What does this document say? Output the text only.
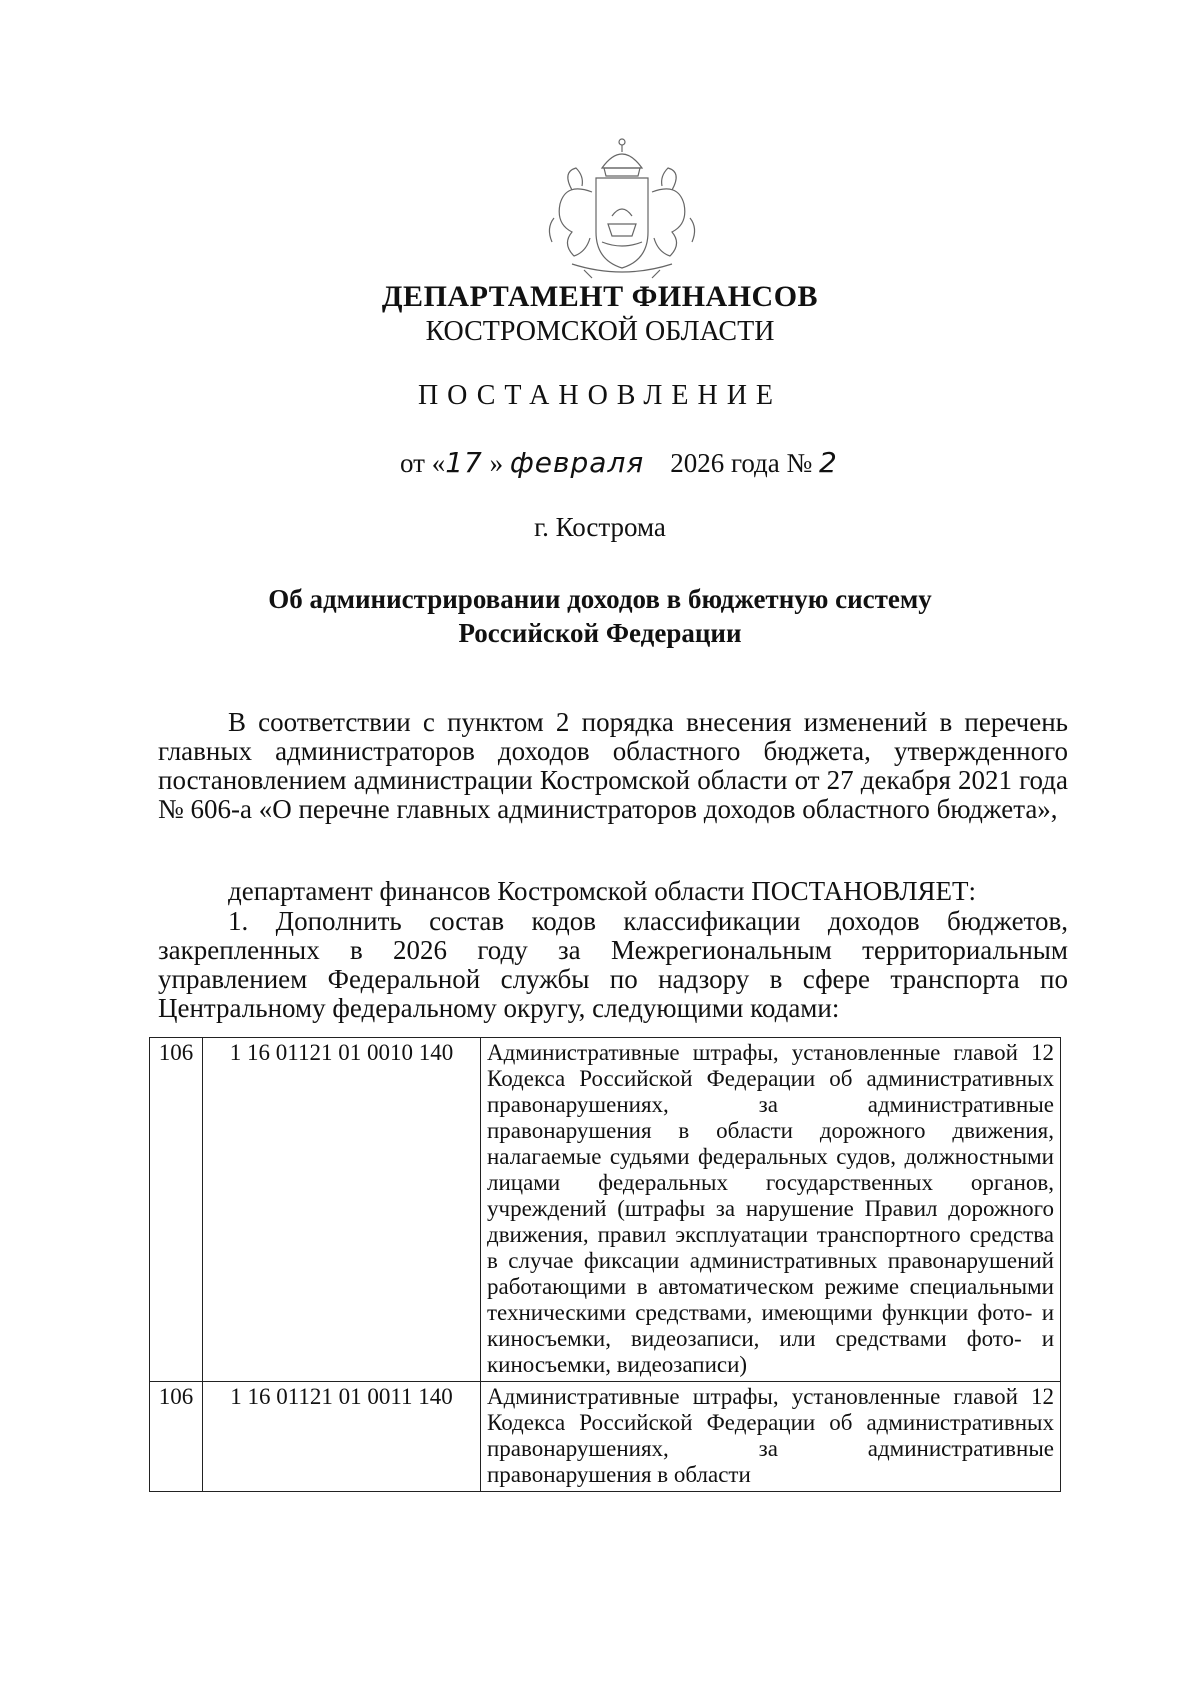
ДЕПАРТАМЕНТ ФИНАНСОВ

КОСТРОМСКОЙ ОБЛАСТИ

ПОСТАНОВЛЕНИЕ
от «17 » февраля 2026 года № 2
г. Кострома
Об администрировании доходов в бюджетную систему
Российской Федерации

В соответствии с пунктом 2 порядка внесения изменений в перечень главных администраторов доходов областного бюджета, утвержденного постановлением администрации Костромской области от 27 декабря 2021 года № 606-а «О перечне главных администраторов доходов областного бюджета»,

департамент финансов Костромской области ПОСТАНОВЛЯЕТ:

1. Дополнить состав кодов классификации доходов бюджетов, закрепленных в 2026 году за Межрегиональным территориальным управлением Федеральной службы по надзору в сфере транспорта по Центральному федеральному округу, следующими кодами:

106	1 16 01121 01 0010 140	Административные штрафы, установленные главой 12 Кодекса Российской Федерации об административных правонарушениях, за административные правонарушения в области дорожного движения, налагаемые судьями федеральных судов, должностными лицами федеральных государственных органов, учреждений (штрафы за нарушение Правил дорожного движения, правил эксплуатации транспортного средства в случае фиксации административных правонарушений работающими в автоматическом режиме специальными техническими средствами, имеющими функции фото- и киносъемки, видеозаписи, или средствами фото- и киносъемки, видеозаписи)
106	1 16 01121 01 0011 140	Административные штрафы, установленные главой 12 Кодекса Российской Федерации об административных правонарушениях, за административные правонарушения в области
